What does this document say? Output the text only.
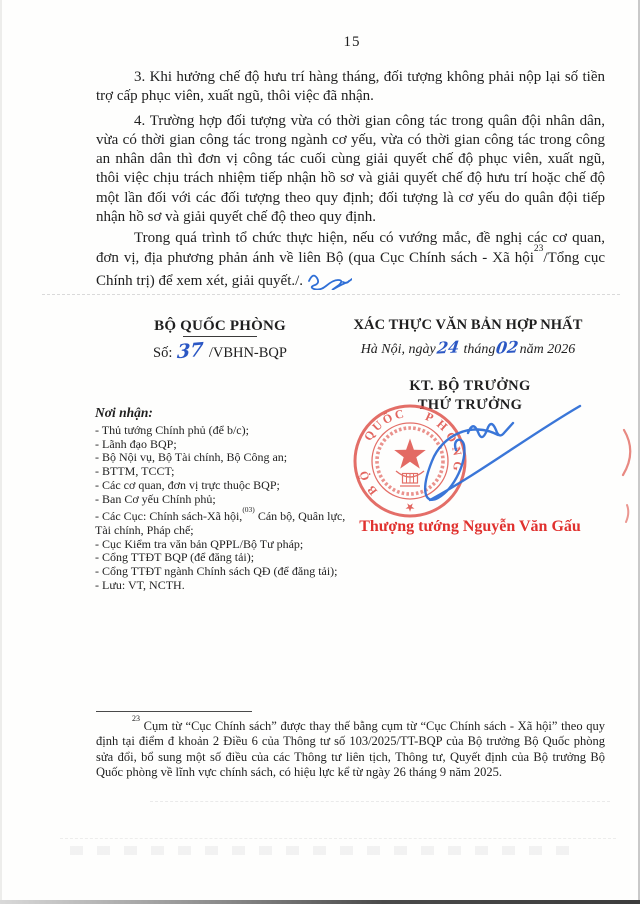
15

3. Khi hưởng chế độ hưu trí hàng tháng, đối tượng không phải nộp lại số tiền trợ cấp phục viên, xuất ngũ, thôi việc đã nhận.

4. Trường hợp đối tượng vừa có thời gian công tác trong quân đội nhân dân, vừa có thời gian công tác trong ngành cơ yếu, vừa có thời gian công tác trong công an nhân dân thì đơn vị công tác cuối cùng giải quyết chế độ phục viên, xuất ngũ, thôi việc chịu trách nhiệm tiếp nhận hồ sơ và giải quyết chế độ hưu trí hoặc chế độ một lần đối với các đối tượng theo quy định; đối tượng là cơ yếu do quân đội tiếp nhận hồ sơ và giải quyết chế độ theo quy định.

Trong quá trình tổ chức thực hiện, nếu có vướng mắc, đề nghị các cơ quan, đơn vị, địa phương phản ánh về liên Bộ (qua Cục Chính sách - Xã hội$^{23}$/Tổng cục Chính trị) để xem xét, giải quyết./.

BỘ QUỐC PHÒNG
Số: 37 /VBHN-BQP
XÁC THỰC VĂN BẢN HỢP NHẤT
Hà Nội, ngày24 tháng02năm 2026
KT. BỘ TRƯỞNG
THỨ TRƯỞNG
B
Ộ
Q
U
Ố
C P
H
Ò
N
G
★
Thượng tướng Nguyễn Văn Gấu
Nơi nhận:
- Thủ tướng Chính phủ (để b/c);
- Lãnh đạo BQP;
- Bộ Nội vụ, Bộ Tài chính, Bộ Công an;
- BTTM, TCCT;
- Các cơ quan, đơn vị trực thuộc BQP;
- Ban Cơ yếu Chính phủ;
- Các Cục: Chính sách-Xã hội,$^{(03)}$ Cán bộ, Quân lực, Tài chính, Pháp chế;
- Cục Kiểm tra văn bản QPPL/Bộ Tư pháp;
- Cổng TTĐT BQP (để đăng tải);
- Cổng TTĐT ngành Chính sách QĐ (để đăng tải);
- Lưu: VT, NCTH.

$^{23}$ Cụm từ “Cục Chính sách” được thay thế bằng cụm từ “Cục Chính sách - Xã hội” theo quy định tại điểm đ khoản 2 Điều 6 của Thông tư số 103/2025/TT-BQP của Bộ trưởng Bộ Quốc phòng sửa đổi, bổ sung một số điều của các Thông tư liên tịch, Thông tư, Quyết định của Bộ trưởng Bộ Quốc phòng về lĩnh vực chính sách, có hiệu lực kể từ ngày 26 tháng 9 năm 2025.
